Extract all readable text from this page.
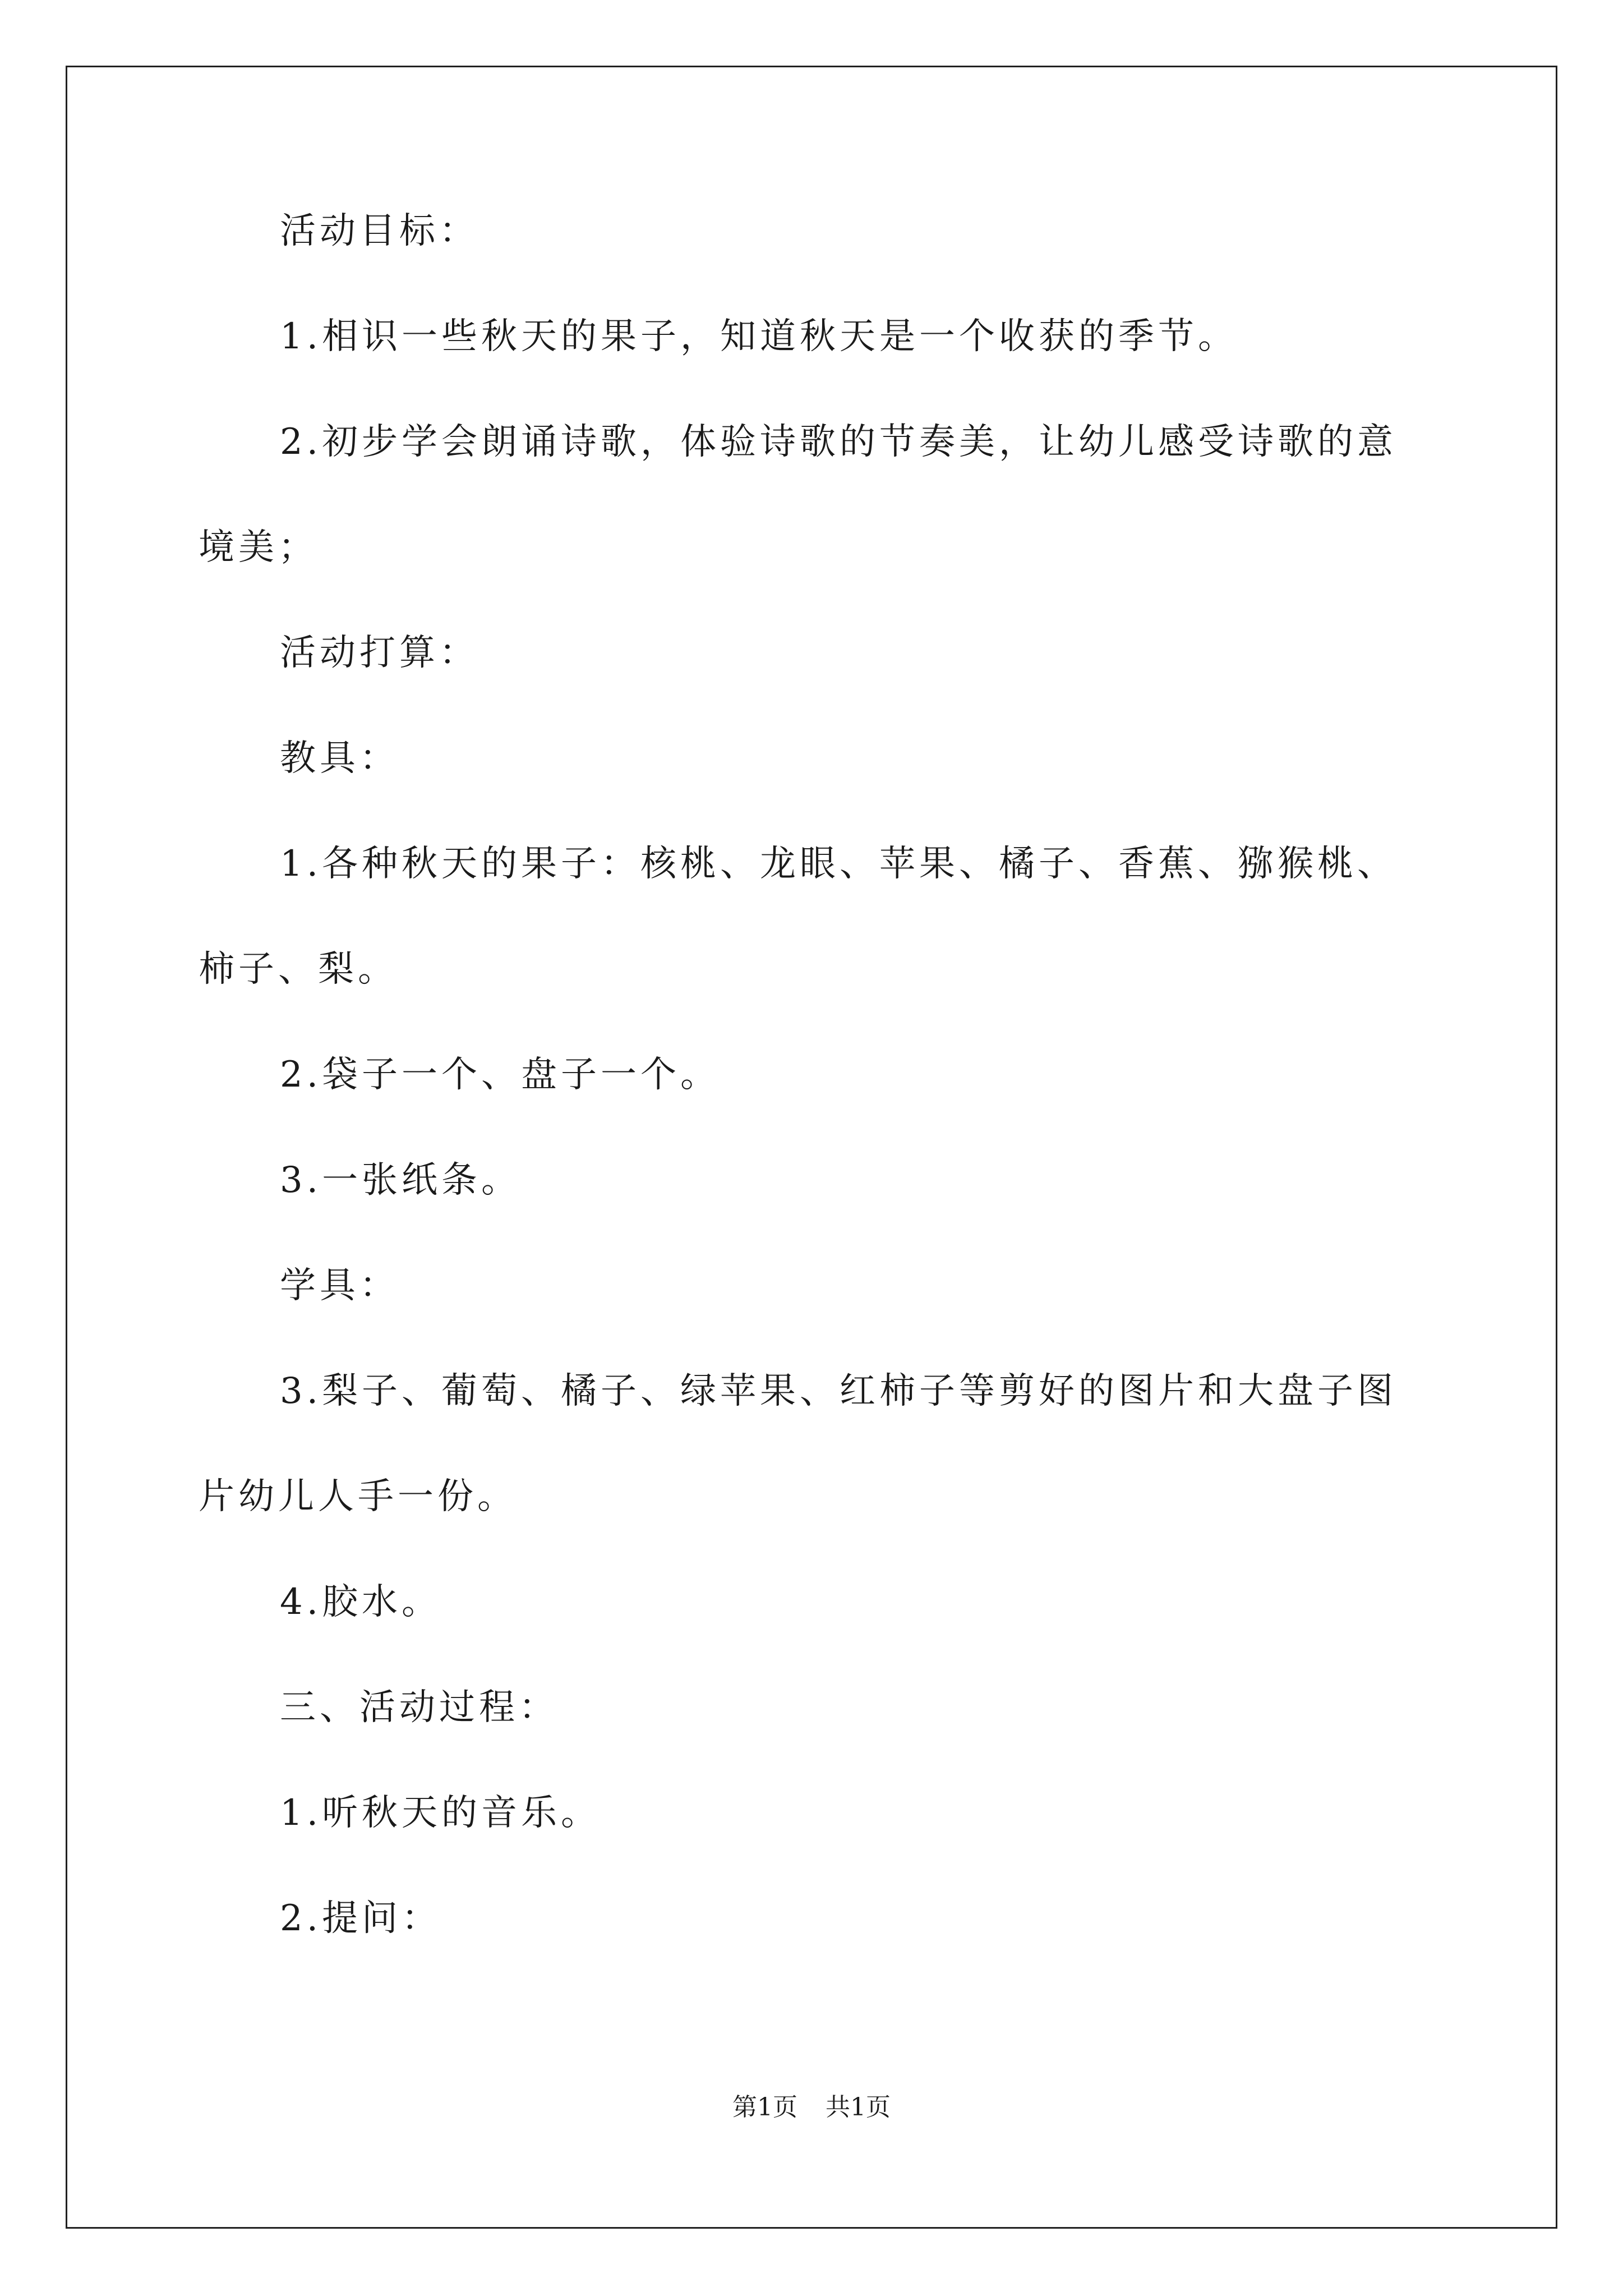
活动目标：
1.相识一些秋天的果子，知道秋天是一个收获的季节。
2.初步学会朗诵诗歌，体验诗歌的节奏美，让幼儿感受诗歌的意
境美；
活动打算：
教具：
1.各种秋天的果子：核桃、龙眼、苹果、橘子、香蕉、猕猴桃、
柿子、梨。
2.袋子一个、盘子一个。
3.一张纸条。
学具：
3.梨子、葡萄、橘子、绿苹果、红柿子等剪好的图片和大盘子图
片幼儿人手一份。
4.胶水。
三、活动过程：
1.听秋天的音乐。
2.提问：
第1页 共1页
